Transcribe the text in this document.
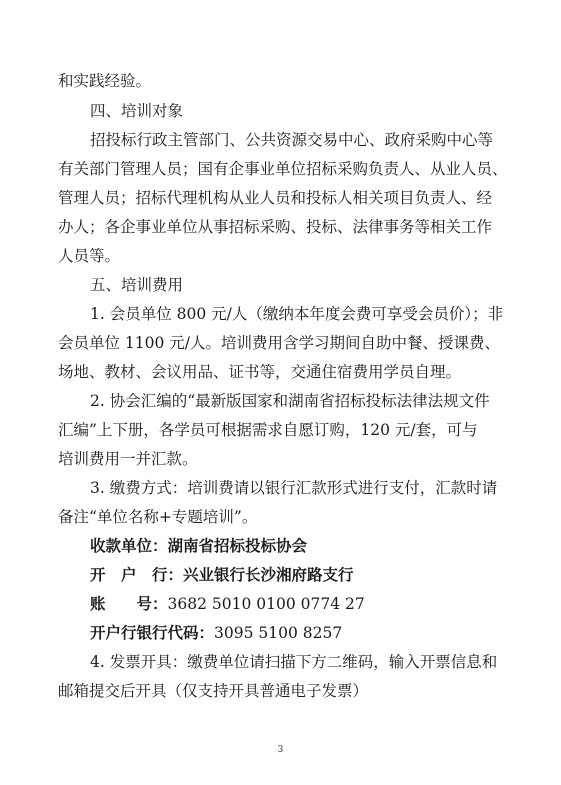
和实践经验。
四、培训对象
招投标行政主管部门、公共资源交易中心、政府采购中心等
有关部门管理人员；国有企事业单位招标采购负责人、从业人员、
管理人员；招标代理机构从业人员和投标人相关项目负责人、经
办人；各企事业单位从事招标采购、投标、法律事务等相关工作
人员等。
五、培训费用
1. 会员单位 800 元/人（缴纳本年度会费可享受会员价）；非
会员单位 1100 元/人。培训费用含学习期间自助中餐、授课费、
场地、教材、会议用品、证书等，交通住宿费用学员自理。
2. 协会汇编的“最新版国家和湖南省招标投标法律法规文件
汇编”上下册，各学员可根据需求自愿订购，120 元/套，可与
培训费用一并汇款。
3. 缴费方式：培训费请以银行汇款形式进行支付，汇款时请
备注“单位名称+专题培训”。
收款单位：湖南省招标投标协会
开　户　行：兴业银行长沙湘府路支行
账　　号：3682 5010 0100 0774 27
开户行银行代码：3095 5100 8257
4. 发票开具：缴费单位请扫描下方二维码，输入开票信息和
邮箱提交后开具（仅支持开具普通电子发票）
3
